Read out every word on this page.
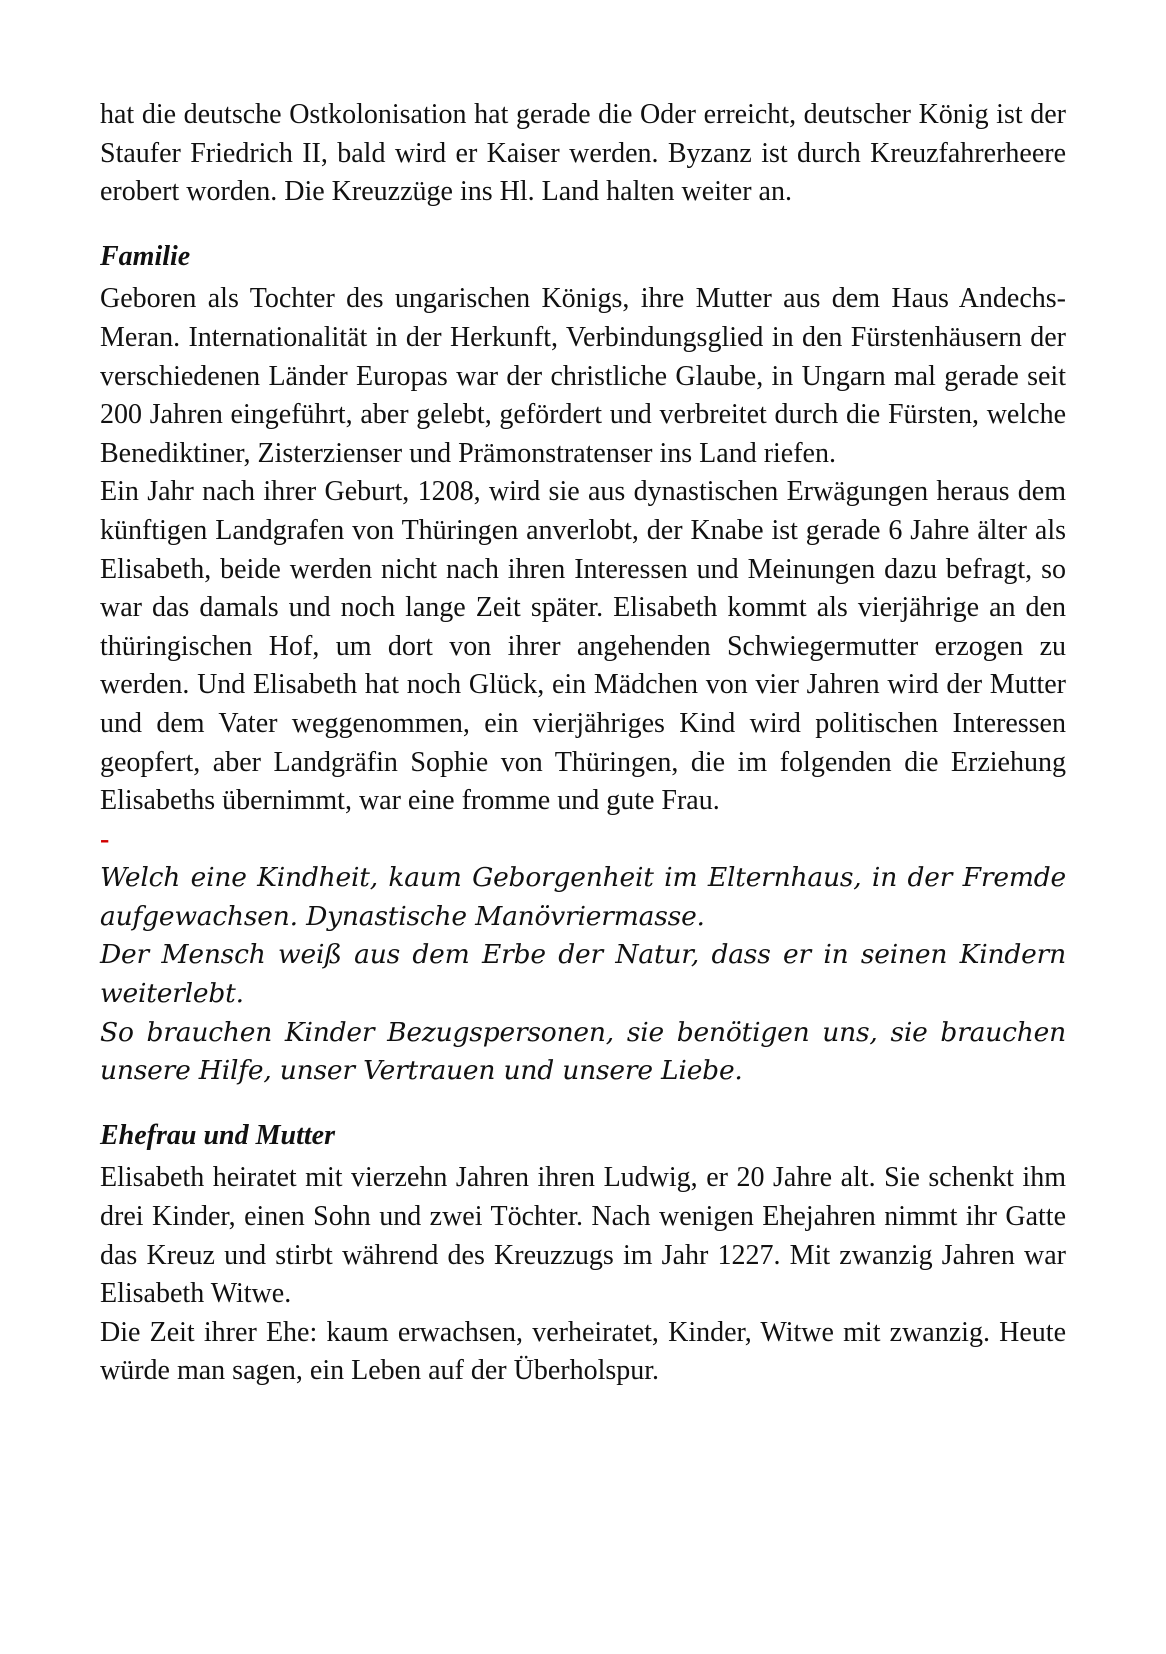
hat die deutsche Ostkolonisation hat gerade die Oder erreicht, deutscher König ist der Staufer Friedrich II, bald wird er Kaiser werden. Byzanz ist durch Kreuzfahrerheere erobert worden. Die Kreuzzüge ins Hl. Land halten weiter an.

Familie

Geboren als Tochter des ungarischen Königs, ihre Mutter aus dem Haus Andechs-Meran. Internationalität in der Herkunft, Verbindungsglied in den Fürstenhäusern der verschiedenen Länder Europas war der christliche Glaube, in Ungarn mal gerade seit 200 Jahren eingeführt, aber gelebt, gefördert und verbreitet durch die Fürsten, welche Benediktiner, Zisterzienser und Prämonstratenser ins Land riefen.

Ein Jahr nach ihrer Geburt, 1208, wird sie aus dynastischen Erwägungen heraus dem künftigen Landgrafen von Thüringen anverlobt, der Knabe ist gerade 6 Jahre älter als Elisabeth, beide werden nicht nach ihren Interessen und Meinungen dazu befragt, so war das damals und noch lange Zeit später. Elisabeth kommt als vierjährige an den thüringischen Hof, um dort von ihrer angehenden Schwiegermutter erzogen zu werden. Und Elisabeth hat noch Glück, ein Mädchen von vier Jahren wird der Mutter und dem Vater weggenommen, ein vierjähriges Kind wird politischen Interessen geopfert, aber Landgräfin Sophie von Thüringen, die im folgenden die Erziehung Elisabeths übernimmt, war eine fromme und gute Frau.

-

Welch eine Kindheit, kaum Geborgenheit im Elternhaus, in der Fremde aufgewachsen. Dynastische Manövriermasse.

Der Mensch weiß aus dem Erbe der Natur, dass er in seinen Kindern weiterlebt.

So brauchen Kinder Bezugspersonen, sie benötigen uns, sie brauchen unsere Hilfe, unser Vertrauen und unsere Liebe.

Ehefrau und Mutter

Elisabeth heiratet mit vierzehn Jahren ihren Ludwig, er 20 Jahre alt. Sie schenkt ihm drei Kinder, einen Sohn und zwei Töchter. Nach wenigen Ehejahren nimmt ihr Gatte das Kreuz und stirbt während des Kreuzzugs im Jahr 1227. Mit zwanzig Jahren war Elisabeth Witwe.

Die Zeit ihrer Ehe: kaum erwachsen, verheiratet, Kinder, Witwe mit zwanzig. Heute würde man sagen, ein Leben auf der Überholspur.
